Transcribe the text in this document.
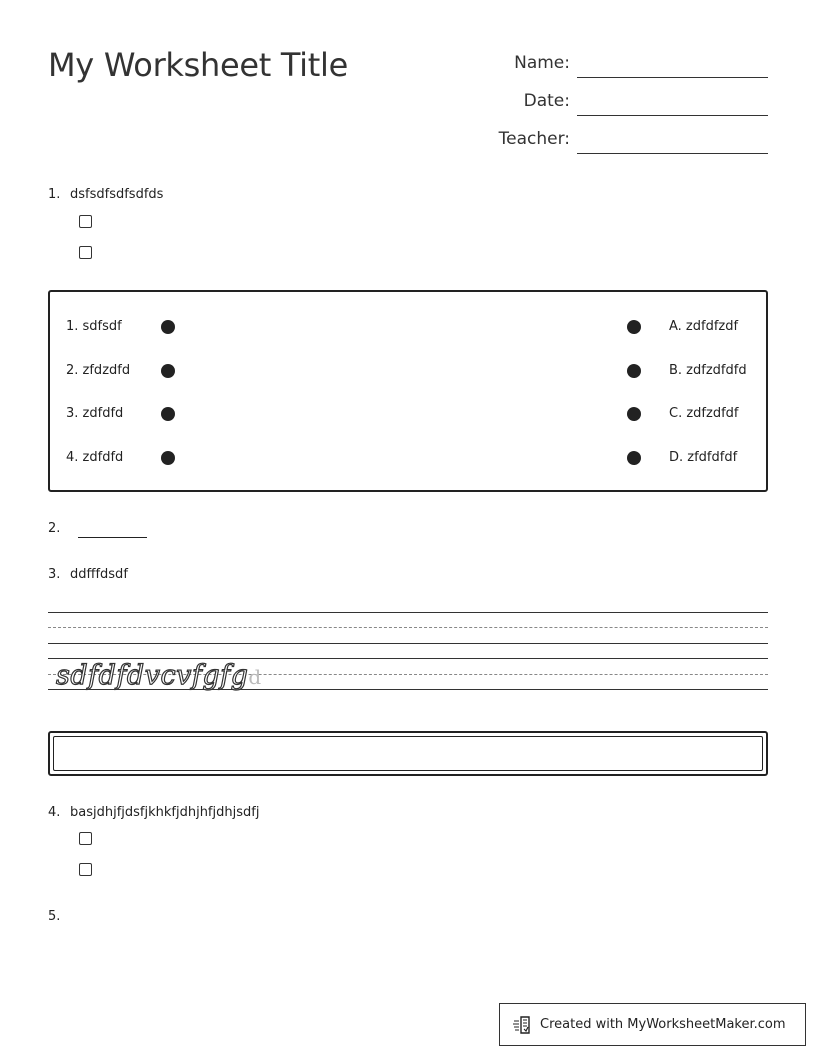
My Worksheet Title	Name:
Date:
Teacher:
1. dsfsdfsdfsdfds
1. sdfsdf	A. zdfdfzdf
2. zfdzdfd	B. zdfzdfdfd
3. zdfdfd	C. zdfzdfdf
4. zdfdfd	D. zfdfdfdf
2.
3. ddfffdsdf
sdfdfdvcvfgfgd
4. basjdhjfjdsfjkhkfjdhjhfjdhjsdfj
5.
Created with MyWorksheetMaker.com
